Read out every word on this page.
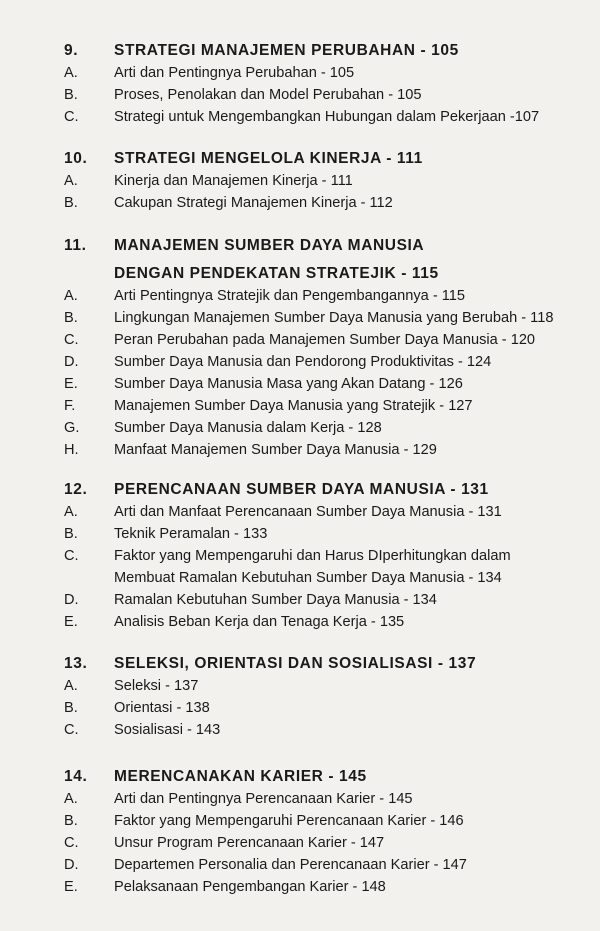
9.	STRATEGI MANAJEMEN PERUBAHAN - 105
A.	Arti dan Pentingnya Perubahan - 105
B.	Proses, Penolakan dan Model Perubahan - 105
C.	Strategi untuk Mengembangkan Hubungan dalam Pekerjaan -107
10.	STRATEGI MENGELOLA KINERJA - 111
A.	Kinerja dan Manajemen Kinerja - 111
B.	Cakupan Strategi Manajemen Kinerja - 112
11.	MANAJEMEN SUMBER DAYA MANUSIA
DENGAN PENDEKATAN STRATEJIK - 115
A.	Arti Pentingnya Stratejik dan Pengembangannya - 115
B.	Lingkungan Manajemen Sumber Daya Manusia yang Berubah - 118
C.	Peran Perubahan pada Manajemen Sumber Daya Manusia - 120
D.	Sumber Daya Manusia dan Pendorong Produktivitas - 124
E.	Sumber Daya Manusia Masa yang Akan Datang - 126
F.	Manajemen Sumber Daya Manusia yang Stratejik - 127
G.	Sumber Daya Manusia dalam Kerja - 128
H.	Manfaat Manajemen Sumber Daya Manusia - 129
12.	PERENCANAAN SUMBER DAYA MANUSIA - 131
A.	Arti dan Manfaat Perencanaan Sumber Daya Manusia - 131
B.	Teknik Peramalan - 133
C.	Faktor yang Mempengaruhi dan Harus DIperhitungkan dalam
Membuat Ramalan Kebutuhan Sumber Daya Manusia - 134
D.	Ramalan Kebutuhan Sumber Daya Manusia - 134
E.	Analisis Beban Kerja dan Tenaga Kerja - 135
13.	SELEKSI, ORIENTASI DAN SOSIALISASI - 137
A.	Seleksi - 137
B.	Orientasi - 138
C.	Sosialisasi - 143
14.	MERENCANAKAN KARIER - 145
A.	Arti dan Pentingnya Perencanaan Karier - 145
B.	Faktor yang Mempengaruhi Perencanaan Karier - 146
C.	Unsur Program Perencanaan Karier - 147
D.	Departemen Personalia dan Perencanaan Karier - 147
E.	Pelaksanaan Pengembangan Karier - 148
